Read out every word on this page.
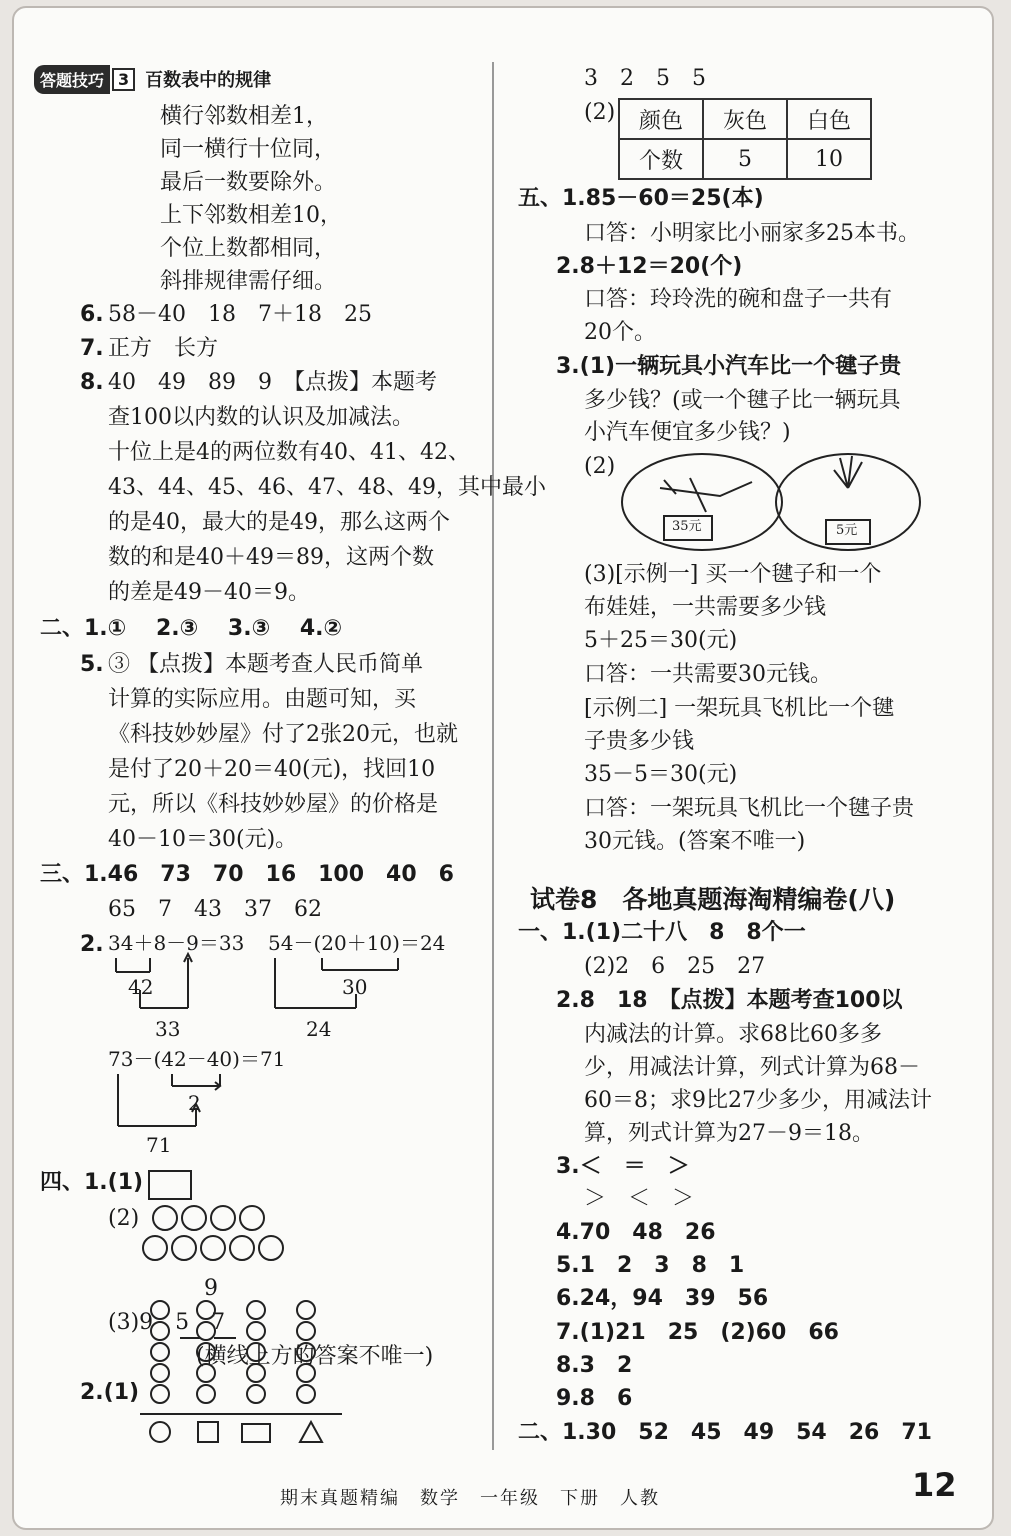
答题技巧 3 百数表中的规律
横行邻数相差1，
同一横行十位同，
最后一数要除外。
上下邻数相差10，
个位上数都相同，
斜排规律需仔细。
6. 58－40　18　7＋18　25
7. 正方　长方
8. 40　49　89　9　【点拨】本题考
查100以内数的认识及加减法。
十位上是4的两位数有40、41、42、
43、44、45、46、47、48、49，其中最小
的是40，最大的是49，那么这两个
数的和是40＋49＝89，这两个数
的差是49－40＝9。
二、1.① 　2.③ 　3.③ 　4.②
5. ③ 【点拨】本题考查人民币简单
计算的实际应用。由题可知，买
《科技妙妙屋》付了2张20元，也就
是付了20＋20＝40(元)，找回10
元，所以《科技妙妙屋》的价格是
40－10＝30(元)。
三、1.46　73　70　16　100　40　6
65　7　43　37　62
2. 34＋8－9＝33
42
33
54－(20＋10)＝24
30
24
73－(42－40)＝71
2
71
四、1.(1)
(2)
9
(3)9　5　7
(横线上方的答案不唯一)
2.(1)
3　2　5　5
(2) 颜色	灰色	白色
个数	5	10
五、1.85－60＝25(本)
口答：小明家比小丽家多25本书。
2.8＋12＝20(个)
口答：玲玲洗的碗和盘子一共有
20个。
3.(1)一辆玩具小汽车比一个毽子贵
多少钱？(或一个毽子比一辆玩具
小汽车便宜多少钱？)
(2)
35元	5元
(3)[示例一] 买一个毽子和一个
布娃娃，一共需要多少钱
5＋25＝30(元)
口答：一共需要30元钱。
[示例二] 一架玩具飞机比一个毽
子贵多少钱
35－5＝30(元)
口答：一架玩具飞机比一个毽子贵
30元钱。(答案不唯一)
试卷8　各地真题海淘精编卷(八)
一、1.(1)二十八　8　8个一
(2)2　6　25　27
2.8　18　【点拨】本题考查100以
内减法的计算。求68比60多多
少，用减法计算，列式计算为68－
60＝8；求9比27少多少，用减法计
算，列式计算为27－9＝18。
3.＜　＝　＞
＞　＜　＞
4.70　48　26
5.1　2　3　8　1
6.24，94　39　56
7.(1)21　25　(2)60　66
8.3　2
9.8　6
二、1.30　52　45　49　54　26　71
期末真题精编　数学　一年级　下册　人教	12
